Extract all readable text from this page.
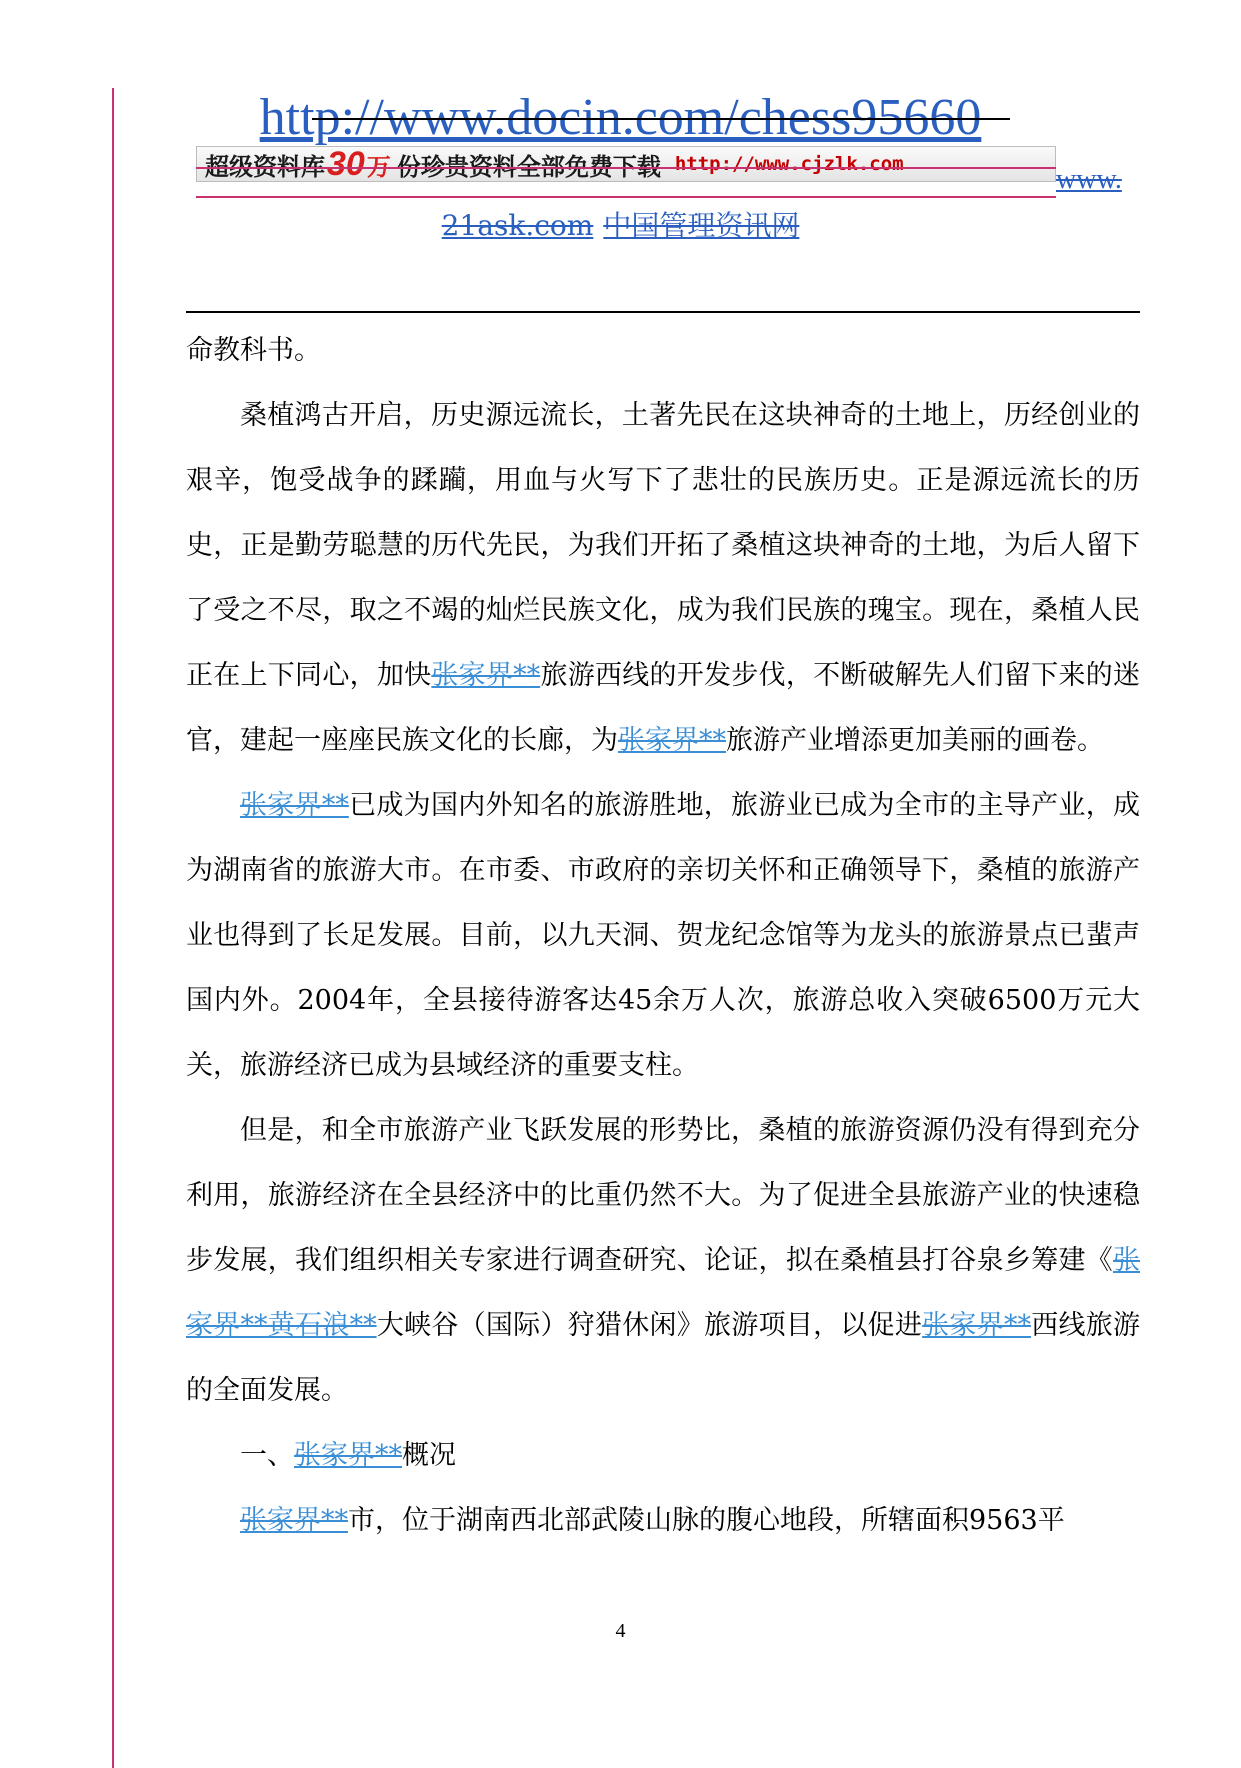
http://www.docin.com/chess95660
超级资料库 30 万 份珍贵资料全部免费下载 http://www.cjzlk.com	www.
21ask.com 中国管理资讯网

命教科书。

桑植鸿古开启，历史源远流长，土著先民在这块神奇的土地上，历经创业的艰辛，饱受战争的蹂躏，用血与火写下了悲壮的民族历史。正是源远流长的历史，正是勤劳聪慧的历代先民，为我们开拓了桑植这块神奇的土地，为后人留下了受之不尽，取之不竭的灿烂民族文化，成为我们民族的瑰宝。现在，桑植人民正在上下同心，加快张家界**旅游西线的开发步伐，不断破解先人们留下来的迷官，建起一座座民族文化的长廊，为张家界**旅游产业增添更加美丽的画卷。

张家界**已成为国内外知名的旅游胜地，旅游业已成为全市的主导产业，成为湖南省的旅游大市。在市委、市政府的亲切关怀和正确领导下，桑植的旅游产业也得到了长足发展。目前，以九天洞、贺龙纪念馆等为龙头的旅游景点已蜚声国内外。2004年，全县接待游客达45余万人次，旅游总收入突破6500万元大关，旅游经济已成为县域经济的重要支柱。

但是，和全市旅游产业飞跃发展的形势比，桑植的旅游资源仍没有得到充分利用，旅游经济在全县经济中的比重仍然不大。为了促进全县旅游产业的快速稳步发展，我们组织相关专家进行调查研究、论证，拟在桑植县打谷泉乡筹建《张家界**黄石浪**大峡谷（国际）狩猎休闲》旅游项目，以促进张家界**西线旅游的全面发展。

一、张家界**概况

张家界**市，位于湖南西北部武陵山脉的腹心地段，所辖面积9563平

4
